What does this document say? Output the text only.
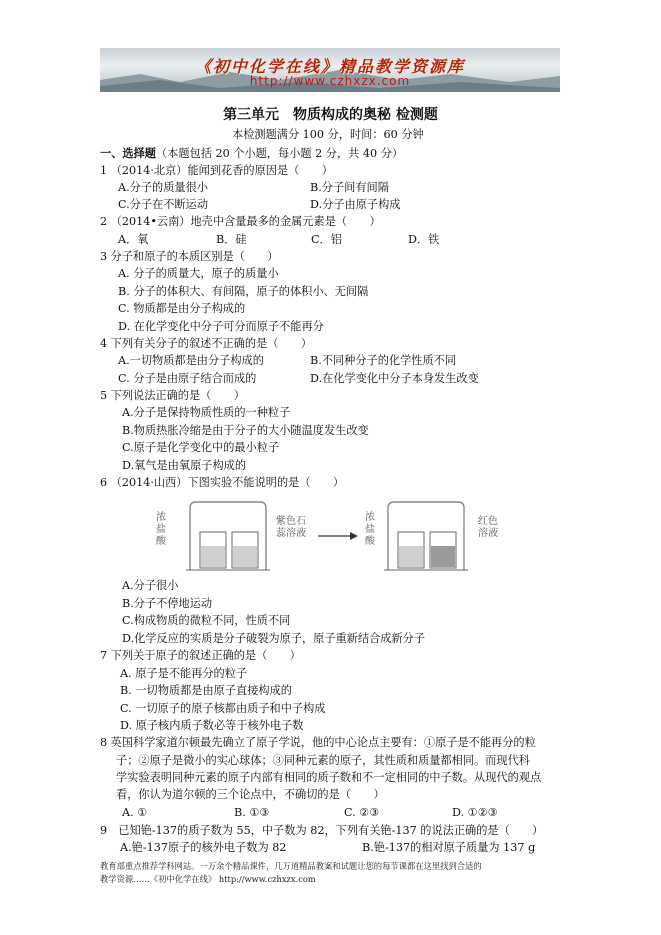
《初中化学在线》精品教学资源库
http://www.czhxzx.com
第三单元　物质构成的奥秘 检测题
本检测题满分 100 分，时间：60 分钟
一、选择题（本题包括 20 个小题，每小题 2 分，共 40 分）
1 （2014·北京）能闻到花香的原因是（　　）
A.分子的质量很小	B.分子间有间隔
C.分子在不断运动	D.分子由原子构成
2 （2014•云南）地壳中含量最多的金属元素是（　　）
A．氧	B．硅	C．铝	D．铁
3 分子和原子的本质区别是（　　）
A. 分子的质量大，原子的质量小
B. 分子的体积大、有间隔，原子的体积小、无间隔
C. 物质都是由分子构成的
D. 在化学变化中分子可分而原子不能再分
4 下列有关分子的叙述不正确的是（　　）
A.一切物质都是由分子构成的	B.不同种分子的化学性质不同
C. 分子是由原子结合而成的	D.在化学变化中分子本身发生改变
5 下列说法正确的是（　　）
A.分子是保持物质性质的一种粒子
B.物质热胀冷缩是由于分子的大小随温度发生改变
C.原子是化学变化中的最小粒子
D.氧气是由氧原子构成的
6 （2014·山西）下图实验不能说明的是（　　）
浓盐酸
紫色石蕊溶液
浓盐酸
红色溶液
A.分子很小
B.分子不停地运动
C.构成物质的微粒不同，性质不同
D.化学反应的实质是分子破裂为原子，原子重新结合成新分子
7 下列关于原子的叙述正确的是（　　）
A. 原子是不能再分的粒子
B. 一切物质都是由原子直接构成的
C. 一切原子的原子核都由质子和中子构成
D. 原子核内质子数必等于核外电子数
8 英国科学家道尔顿最先确立了原子学说，他的中心论点主要有：①原子是不能再分的粒
子；②原子是微小的实心球体；③同种元素的原子，其性质和质量都相同。而现代科
学实验表明同种元素的原子内部有相同的质子数和不一定相同的中子数。从现代的观点
看，你认为道尔顿的三个论点中，不确切的是（　　）
A. ①	B. ①③	C. ②③	D. ①②③
9　已知铯-137的质子数为 55，中子数为 82，下列有关铯-137 的说法正确的是（　　）
A.铯-137原子的核外电子数为 82	B.铯-137的相对原子质量为 137 g
教育部重点推荐学科网站。一万余个精品课件，几万道精品教案和试题让您的每节课都在这里找到合适的
教学资源……《初中化学在线》 http://www.czhxzx.com
